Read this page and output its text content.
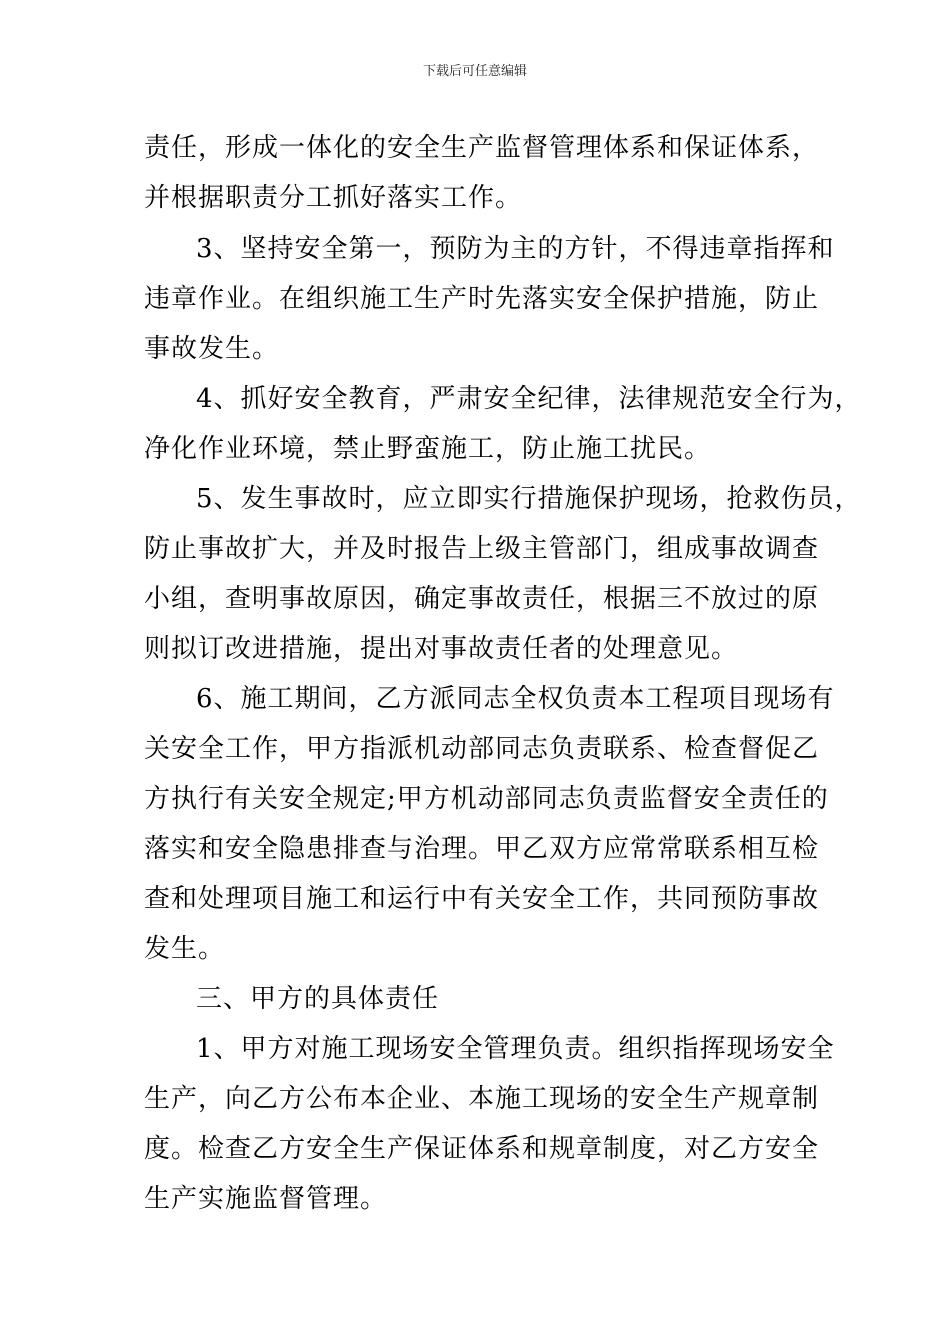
下载后可任意编辑

责任，形成一体化的安全生产监督管理体系和保证体系，

并根据职责分工抓好落实工作。

3、坚持安全第一，预防为主的方针，不得违章指挥和

违章作业。在组织施工生产时先落实安全保护措施，防止

事故发生。

4、抓好安全教育，严肃安全纪律，法律规范安全行为，

净化作业环境，禁止野蛮施工，防止施工扰民。

5、发生事故时，应立即实行措施保护现场，抢救伤员，

防止事故扩大，并及时报告上级主管部门，组成事故调查

小组，查明事故原因，确定事故责任，根据三不放过的原

则拟订改进措施，提出对事故责任者的处理意见。

6、施工期间，乙方派同志全权负责本工程项目现场有

关安全工作，甲方指派机动部同志负责联系、检查督促乙

方执行有关安全规定;甲方机动部同志负责监督安全责任的

落实和安全隐患排查与治理。甲乙双方应常常联系相互检

查和处理项目施工和运行中有关安全工作，共同预防事故

发生。

三、甲方的具体责任

1、甲方对施工现场安全管理负责。组织指挥现场安全

生产，向乙方公布本企业、本施工现场的安全生产规章制

度。检查乙方安全生产保证体系和规章制度，对乙方安全

生产实施监督管理。
